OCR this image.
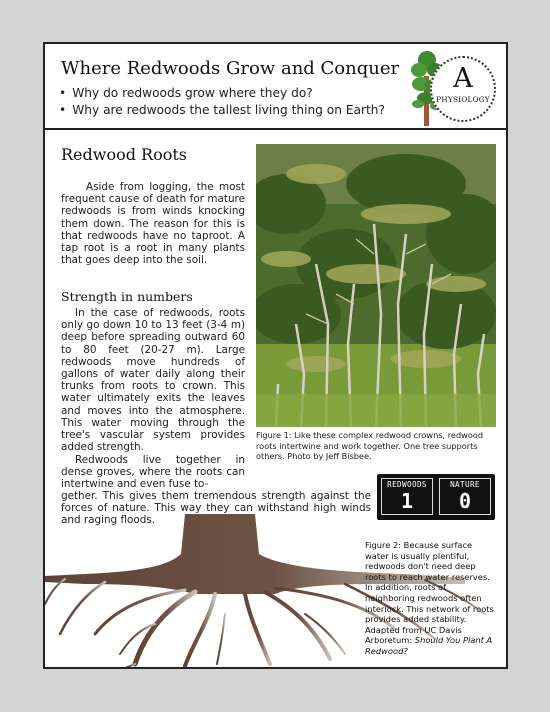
Where Redwoods Grow and Conquer
• Why do redwoods grow where they do?
• Why are redwoods the tallest living thing on Earth?
A
PHYSIOLOGY
Redwood Roots

Aside from logging, the most frequent cause of death for mature redwoods is from winds knocking them down. The reason for this is that redwoods have no taproot. A tap root is a root in many plants that goes deep into the soil.

Strength in numbers

In the case of redwoods, roots only go down 10 to 13 feet (3-4 m) deep before spreading outward 60 to 80 feet (20-27 m). Large redwoods move hundreds of gallons of water daily along their trunks from roots to crown. This water ultimately exits the leaves and moves into the atmosphere. This water moving through the tree's vascular system provides added strength.

Redwoods live together in dense groves, where the roots can intertwine and even fuse to-

gether. This gives them tremendous strength against the forces of nature. This way they can withstand high winds and raging floods.

Figure 1: Like these complex redwood crowns, redwood roots intertwine and work together. One tree supports others. Photo by Jeff Bisbee.
REDWOODS
1
NATURE
0
Figure 2: Because surface water is usually plentiful, redwoods don't need deep roots to reach water reserves. In addition, roots of neighboring redwoods often interlock. This network of roots provides added stability. Adapted from UC Davis Arboretum: Should You Plant A Redwood?
